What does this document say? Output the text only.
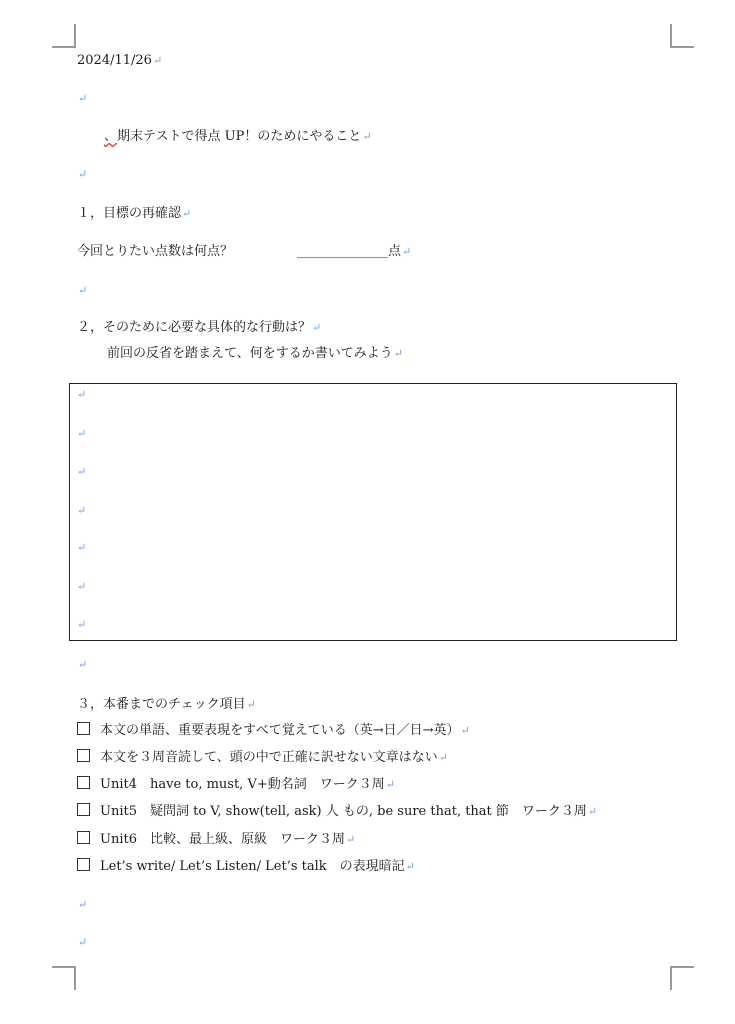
2024/11/26↵
↵
、期末テストで得点 UP！のためにやること↵
↵
１，目標の再確認↵
今回とりたい点数は何点？	______________点↵
↵
２，そのために必要な具体的な行動は？↵
前回の反省を踏まえて、何をするか書いてみよう↵
↵
↵
↵
↵
↵
↵
↵
↵
３，本番までのチェック項目↵
本文の単語、重要表現をすべて覚えている（英→日／日→英）↵
本文を３周音読して、頭の中で正確に訳せない文章はない↵
Unit4　have to, must, V+動名詞　ワーク３周↵
Unit5　疑問詞 to V, show(tell, ask) 人 もの, be sure that, that 節　ワーク３周↵
Unit6　比較、最上級、原級　ワーク３周↵
Let’s write/ Let’s Listen/ Let’s talk　の表現暗記↵
↵
↵
